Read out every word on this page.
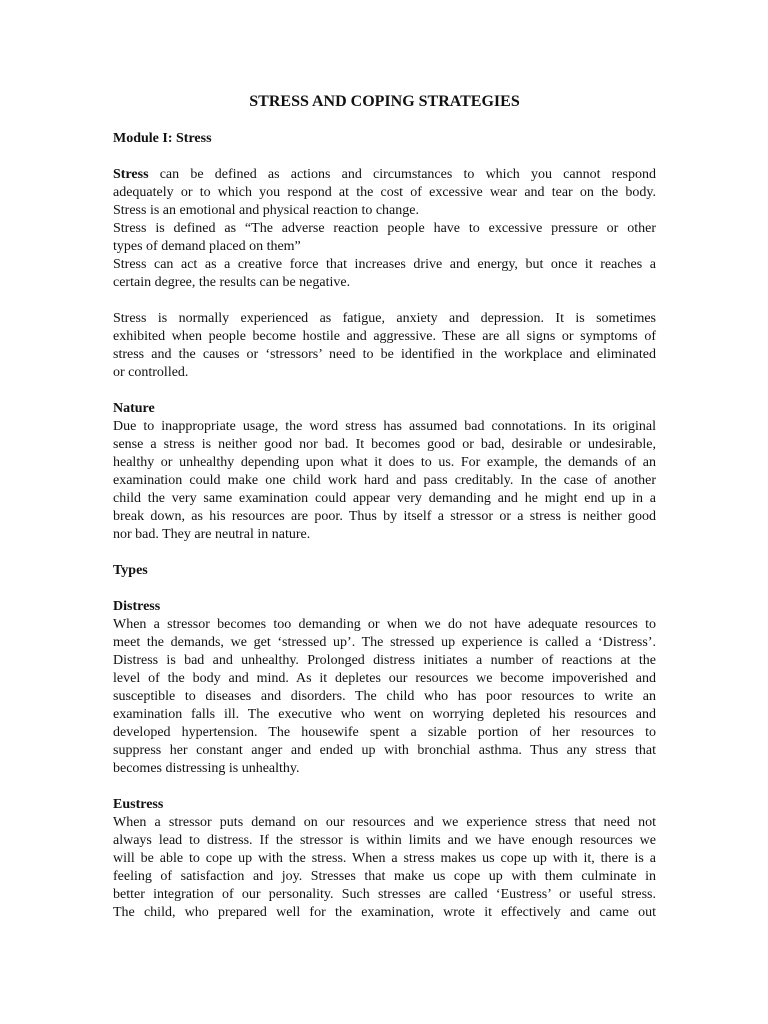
STRESS AND COPING STRATEGIES
Module I: Stress
Stress can be defined as actions and circumstances to which you cannot respond
adequately or to which you respond at the cost of excessive wear and tear on the body.
Stress is an emotional and physical reaction to change.
Stress is defined as “The adverse reaction people have to excessive pressure or other
types of demand placed on them”
Stress can act as a creative force that increases drive and energy, but once it reaches a
certain degree, the results can be negative.
Stress is normally experienced as fatigue, anxiety and depression. It is sometimes
exhibited when people become hostile and aggressive. These are all signs or symptoms of
stress and the causes or ‘stressors’ need to be identified in the workplace and eliminated
or controlled.
Nature
Due to inappropriate usage, the word stress has assumed bad connotations. In its original
sense a stress is neither good nor bad. It becomes good or bad, desirable or undesirable,
healthy or unhealthy depending upon what it does to us. For example, the demands of an
examination could make one child work hard and pass creditably. In the case of another
child the very same examination could appear very demanding and he might end up in a
break down, as his resources are poor. Thus by itself a stressor or a stress is neither good
nor bad. They are neutral in nature.
Types
Distress
When a stressor becomes too demanding or when we do not have adequate resources to
meet the demands, we get ‘stressed up’. The stressed up experience is called a ‘Distress’.
Distress is bad and unhealthy. Prolonged distress initiates a number of reactions at the
level of the body and mind. As it depletes our resources we become impoverished and
susceptible to diseases and disorders. The child who has poor resources to write an
examination falls ill. The executive who went on worrying depleted his resources and
developed hypertension. The housewife spent a sizable portion of her resources to
suppress her constant anger and ended up with bronchial asthma. Thus any stress that
becomes distressing is unhealthy.
Eustress
When a stressor puts demand on our resources and we experience stress that need not
always lead to distress. If the stressor is within limits and we have enough resources we
will be able to cope up with the stress. When a stress makes us cope up with it, there is a
feeling of satisfaction and joy. Stresses that make us cope up with them culminate in
better integration of our personality. Such stresses are called ‘Eustress’ or useful stress.
The child, who prepared well for the examination, wrote it effectively and came out
